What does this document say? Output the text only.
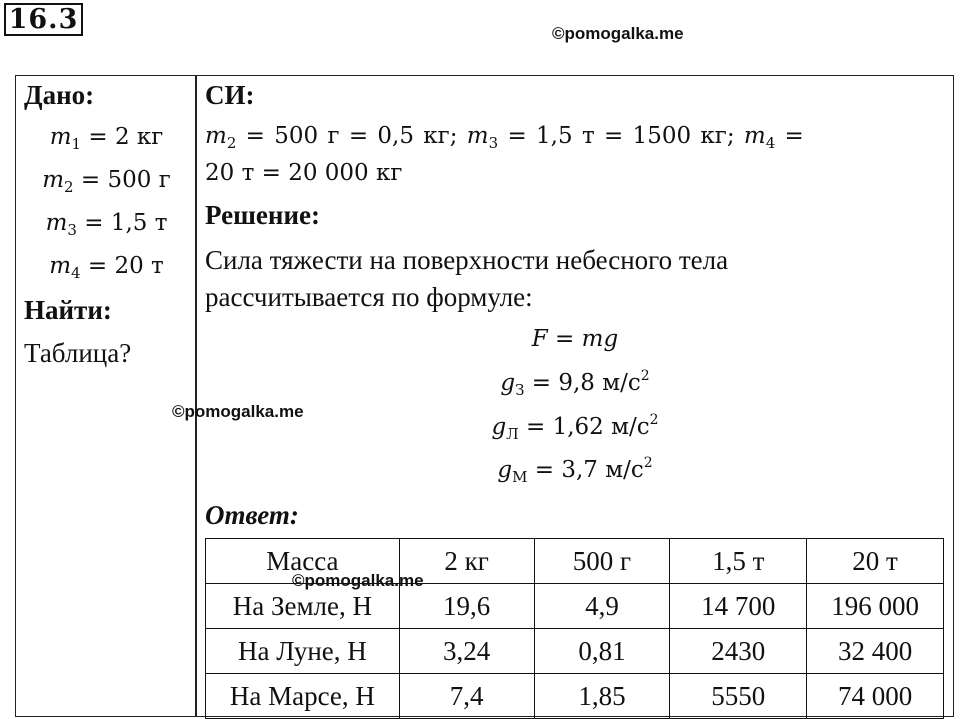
16.3	©pomogalka.me
Дано:
$m_1 = 2$ кг
$m_2 = 500$ г
$m_3 = 1,5$ т
$m_4 = 20$ т
Найти:
Таблица?
©pomogalka.me
СИ:
$m_2 = 500$ г = 0,5 кг; $m_3 = 1,5$ т = 1500 кг; $m_4$ =
20 т = 20 000 кг
Решение:
Сила тяжести на поверхности небесного тела
рассчитывается по формуле:
F = mg
$g_З = 9,8$ $м/с^2$
$g_Л = 1,62$ $м/с^2$
$g_М = 3,7$ $м/с^2$
Ответ:
Масса	2 кг	500 г	1,5 т	20 т
На Земле, Н	19,6	4,9	14 700	196 000
На Луне, Н	3,24	0,81	2430	32 400
На Марсе, Н	7,4	1,85	5550	74 000
©pomogalka.me
